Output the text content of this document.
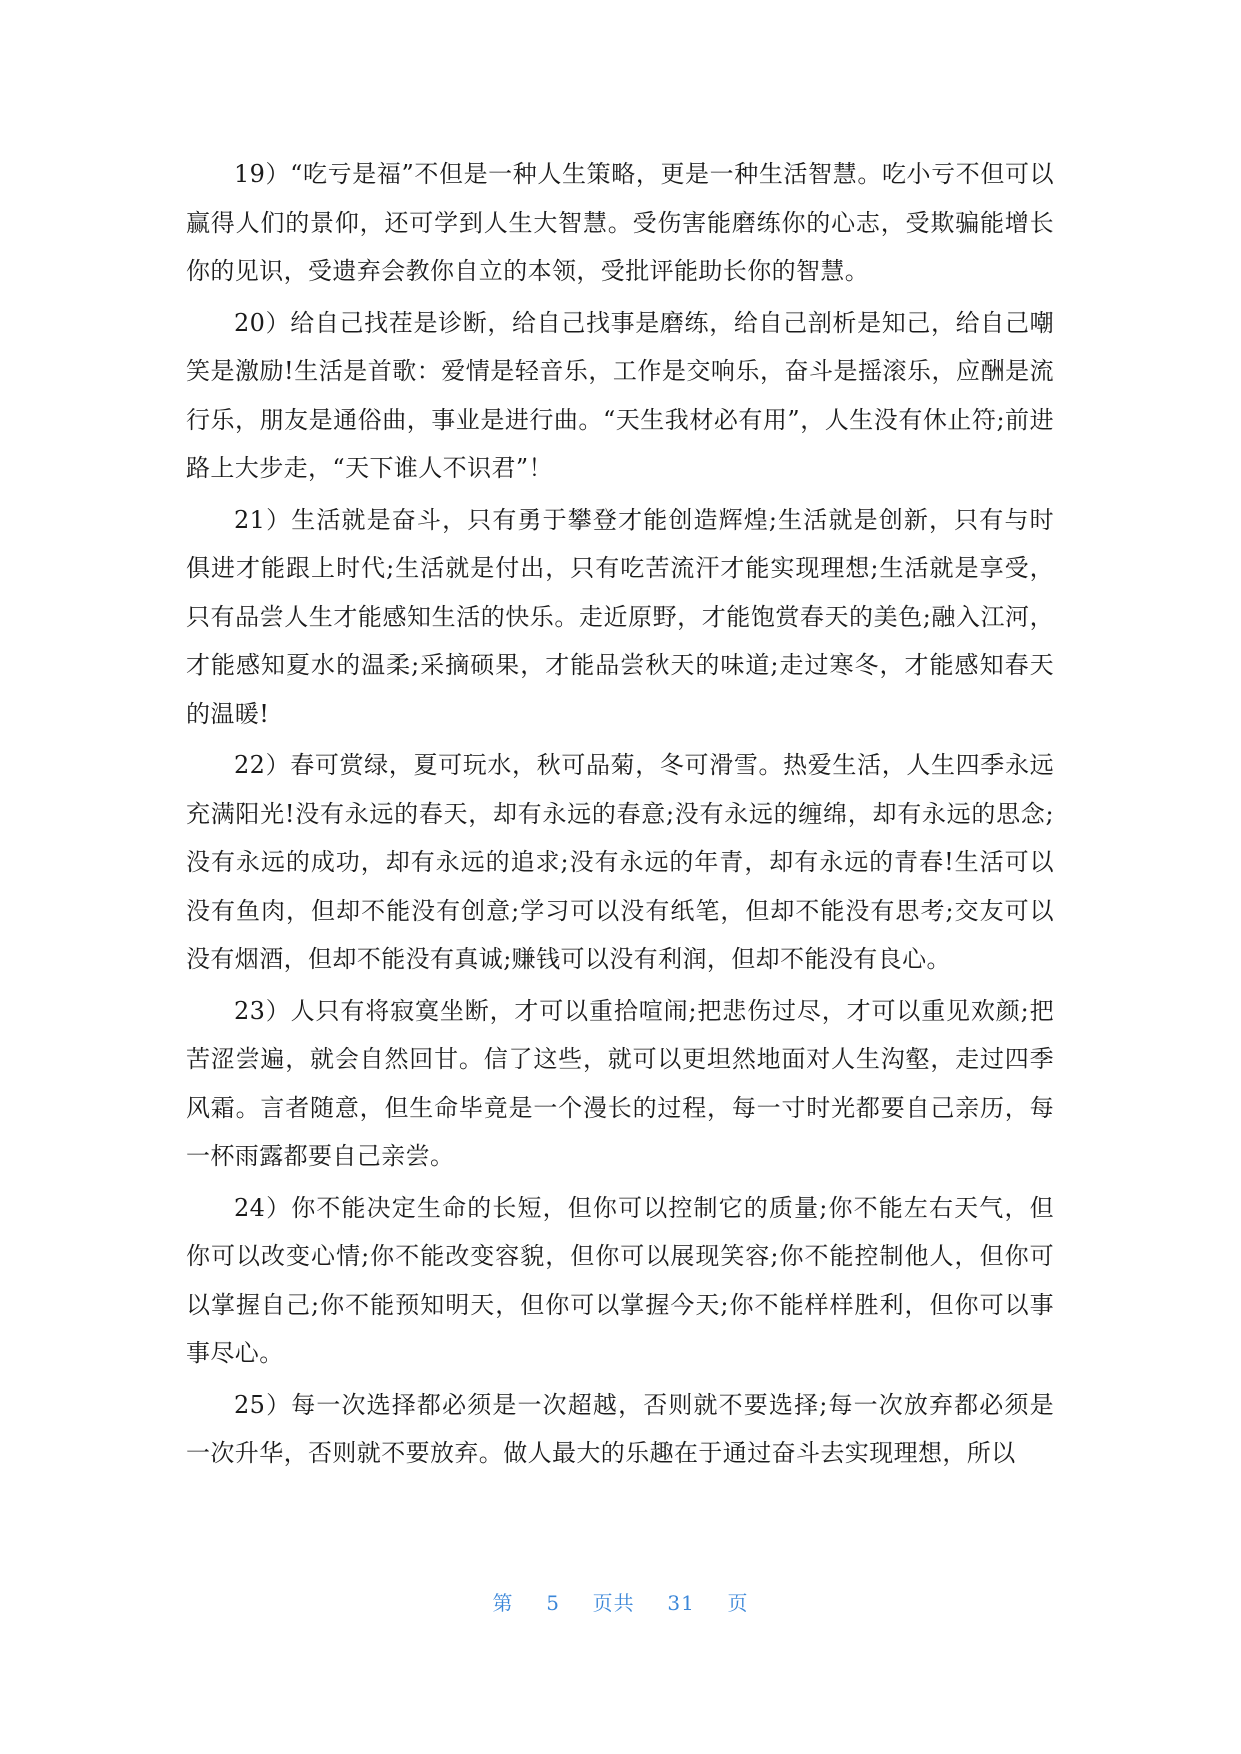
19）“吃亏是福”不但是一种人生策略，更是一种生活智慧。吃小亏不但可以赢得人们的景仰，还可学到人生大智慧。受伤害能磨练你的心志，受欺骗能增长你的见识，受遗弃会教你自立的本领，受批评能助长你的智慧。

20）给自己找茬是诊断，给自己找事是磨练，给自己剖析是知己，给自己嘲笑是激励!生活是首歌：爱情是轻音乐，工作是交响乐，奋斗是摇滚乐，应酬是流行乐，朋友是通俗曲，事业是进行曲。“天生我材必有用”，人生没有休止符;前进路上大步走，“天下谁人不识君”！

21）生活就是奋斗，只有勇于攀登才能创造辉煌;生活就是创新，只有与时俱进才能跟上时代;生活就是付出，只有吃苦流汗才能实现理想;生活就是享受，只有品尝人生才能感知生活的快乐。走近原野，才能饱赏春天的美色;融入江河，才能感知夏水的温柔;采摘硕果，才能品尝秋天的味道;走过寒冬，才能感知春天的温暖!

22）春可赏绿，夏可玩水，秋可品菊，冬可滑雪。热爱生活，人生四季永远充满阳光!没有永远的春天，却有永远的春意;没有永远的缠绵，却有永远的思念;没有永远的成功，却有永远的追求;没有永远的年青，却有永远的青春!生活可以没有鱼肉，但却不能没有创意;学习可以没有纸笔，但却不能没有思考;交友可以没有烟酒，但却不能没有真诚;赚钱可以没有利润，但却不能没有良心。

23）人只有将寂寞坐断，才可以重拾喧闹;把悲伤过尽，才可以重见欢颜;把苦涩尝遍，就会自然回甘。信了这些，就可以更坦然地面对人生沟壑，走过四季风霜。言者随意，但生命毕竟是一个漫长的过程，每一寸时光都要自己亲历，每一杯雨露都要自己亲尝。

24）你不能决定生命的长短，但你可以控制它的质量;你不能左右天气，但你可以改变心情;你不能改变容貌，但你可以展现笑容;你不能控制他人，但你可以掌握自己;你不能预知明天，但你可以掌握今天;你不能样样胜利，但你可以事事尽心。

25）每一次选择都必须是一次超越，否则就不要选择;每一次放弃都必须是一次升华，否则就不要放弃。做人最大的乐趣在于通过奋斗去实现理想，所以

第 5 页共 31 页
